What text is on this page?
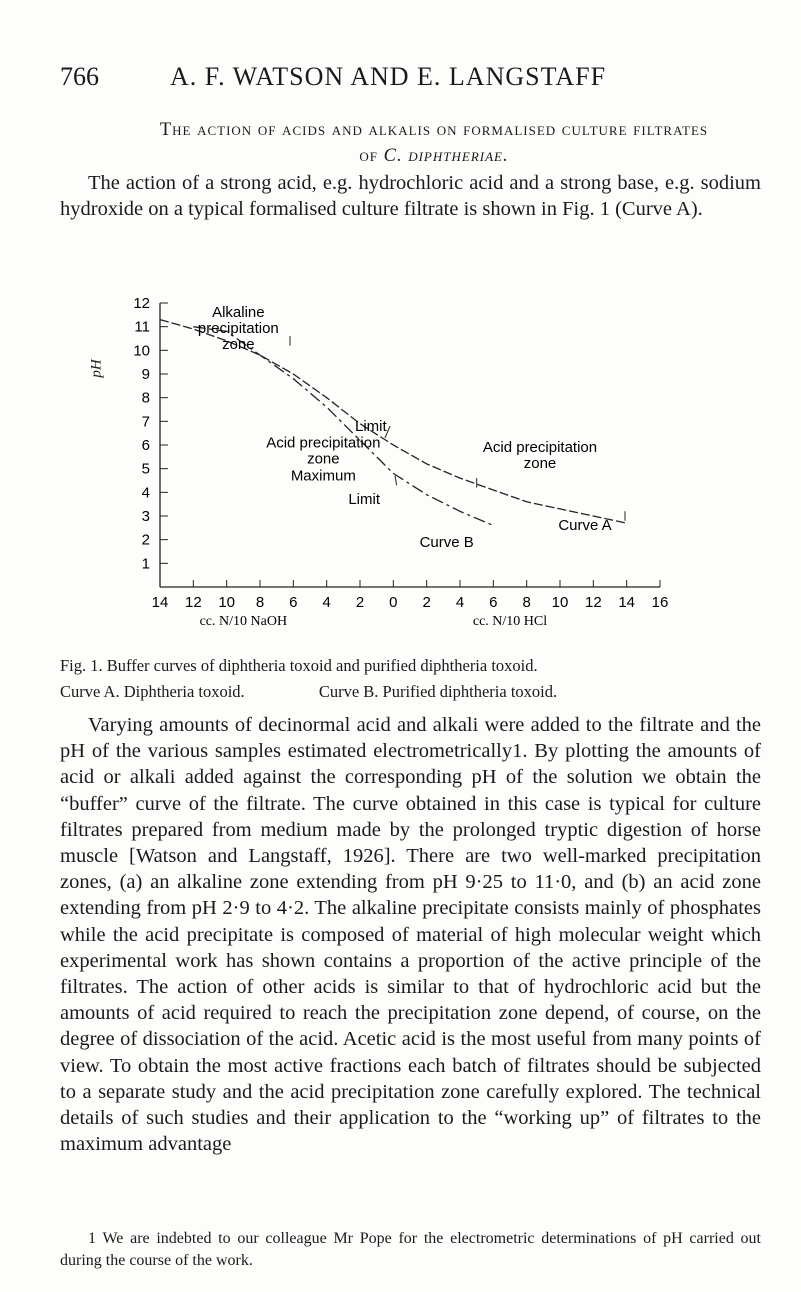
766	A. F. WATSON AND E. LANGSTAFF
The action of acids and alkalis on formalised culture filtrates
of C. diphtheriae.

The action of a strong acid, e.g. hydrochloric acid and a strong base, e.g. sodium hydroxide on a typical formalised culture filtrate is shown in Fig. 1 (Curve A).

pH
12
11
10
9
8
7
6
5
4
3
2
1
14 12 10 8 6 4 2 0 2 4 6 8 10 12 14 16
cc. N/10 NaOH	cc. N/10 HCl
Alkaline
precipitation
zone
Limit
Acid precipitation
zone
Maximum
Limit
Acid precipitation
zone
Curve A
Curve B
Fig. 1. Buffer curves of diphtheria toxoid and purified diphtheria toxoid.
Curve A. Diphtheria toxoid.	Curve B. Purified diphtheria toxoid.

Varying amounts of decinormal acid and alkali were added to the filtrate and the pH of the various samples estimated electrometrically1. By plotting the amounts of acid or alkali added against the corresponding pH of the solution we obtain the “buffer” curve of the filtrate. The curve obtained in this case is typical for culture filtrates prepared from medium made by the prolonged tryptic digestion of horse muscle [Watson and Langstaff, 1926]. There are two well-marked precipitation zones, (a) an alkaline zone extending from pH 9·25 to 11·0, and (b) an acid zone extending from pH 2·9 to 4·2. The alkaline precipitate consists mainly of phosphates while the acid precipitate is composed of material of high molecular weight which experimental work has shown contains a proportion of the active principle of the filtrates. The action of other acids is similar to that of hydrochloric acid but the amounts of acid required to reach the precipitation zone depend, of course, on the degree of dissociation of the acid. Acetic acid is the most useful from many points of view. To obtain the most active fractions each batch of filtrates should be subjected to a separate study and the acid precipitation zone carefully explored. The technical details of such studies and their application to the “working up” of filtrates to the maximum advantage

1 We are indebted to our colleague Mr Pope for the electrometric determinations of pH carried out during the course of the work.
